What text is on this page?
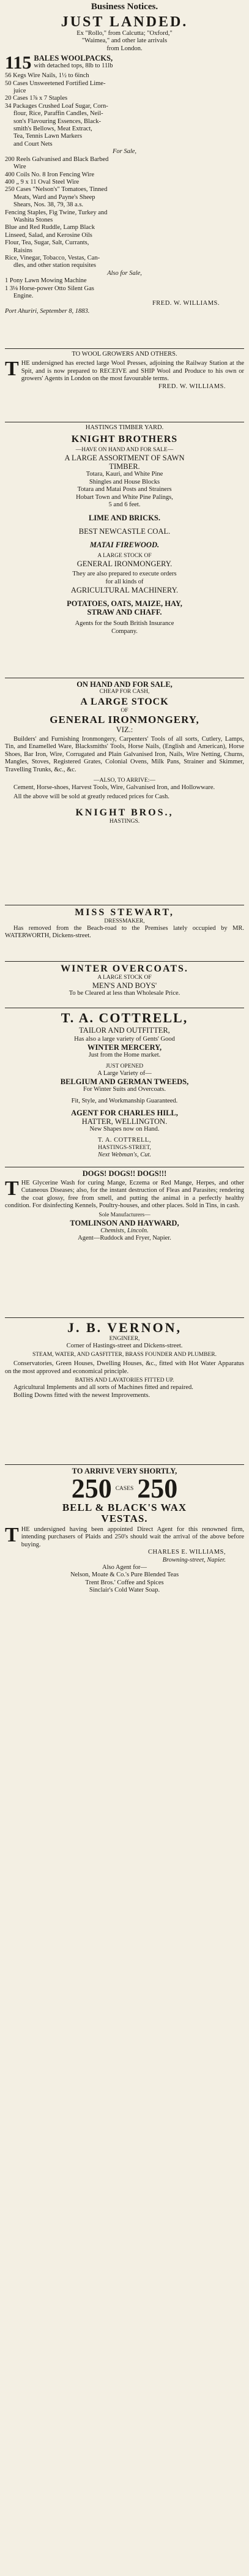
Business Notices.
JUST LANDED.
Ex "Rollo," from Calcutta; "Oxford,"
"Waimea," and other late arrivals
from London.
115 BALES WOOLPACKS,
with detached tops, 8lb to 11lb
56 Kegs Wire Nails, 1½ to 6inch
50 Cases Unsweetened Fortified Lime-
juice
20 Cases 1⅞ x 7 Staples
34 Packages Crushed Loaf Sugar, Corn-
flour, Rice, Paraffin Candles, Neil-
son's Flavouring Essences, Black-
smith's Bellows, Meat Extract,
Tea, Tennis Lawn Markers
and Court Nets
For Sale,
200 Reels Galvanised and Black Barbed
Wire
400 Coils No. 8 Iron Fencing Wire
400 „ 9 x 11 Oval Steel Wire
250 Cases "Nelson's" Tomatoes, Tinned
Meats, Ward and Payne's Sheep
Shears, Nos. 38, 79, 38 a.s.
Fencing Staples, Fig Twine, Turkey and
Washita Stones
Blue and Red Ruddle, Lamp Black
Linseed, Salad, and Kerosine Oils
Flour, Tea, Sugar, Salt, Currants,
Raisins
Rice, Vinegar, Tobacco, Vestas, Can-
dles, and other station requisites
Also for Sale,
1 Pony Lawn Mowing Machine
1 3⅛ Horse-power Otto Silent Gas
Engine.
FRED. W. WILLIAMS.
Port Ahuriri, September 8, 1883.
TO WOOL GROWERS AND OTHERS.
THE undersigned has erected large Wool Presses, adjoining the Railway Station at the Spit, and is now prepared to RECEIVE and SHIP Wool and Produce to his own or growers' Agents in London on the most favourable terms.
FRED. W. WILLIAMS.
HASTINGS TIMBER YARD.
KNIGHT BROTHERS
—HAVE ON HAND AND FOR SALE—
A LARGE ASSORTMENT OF SAWN
TIMBER.
Totara, Kauri, and White Pine
Shingles and House Blocks
Totara and Matai Posts and Strainers
Hobart Town and White Pine Palings,
5 and 6 feet.
LIME AND BRICKS.
BEST NEWCASTLE COAL.
MATAI FIREWOOD.
A LARGE STOCK OF
GENERAL IRONMONGERY.
They are also prepared to execute orders
for all kinds of
AGRICULTURAL MACHINERY.
POTATOES, OATS, MAIZE, HAY,
STRAW AND CHAFF.
Agents for the South British Insurance
Company.
ON HAND AND FOR SALE,
CHEAP FOR CASH,
A LARGE STOCK
OF
GENERAL IRONMONGERY,
VIZ.:
Builders' and Furnishing Ironmongery, Carpenters' Tools of all sorts, Cutlery, Lamps, Tin, and Enamelled Ware, Blacksmiths' Tools, Horse Nails, (English and American), Horse Shoes, Bar Iron, Wire, Corrugated and Plain Galvanised Iron, Nails, Wire Netting, Churns, Mangles, Stoves, Registered Grates, Colonial Ovens, Milk Pans, Strainer and Skimmer, Travelling Trunks, &c., &c.
—ALSO, TO ARRIVE:—
Cement, Horse-shoes, Harvest Tools, Wire, Galvanised Iron, and Hollowware.
All the above will be sold at greatly reduced prices for Cash.
KNIGHT BROS.,
HASTINGS.
MISS STEWART,
DRESSMAKER,
Has removed from the Beach-road to the Premises lately occupied by MR. WATERWORTH, Dickens-street.
WINTER OVERCOATS.
A LARGE STOCK OF
MEN'S AND BOYS'
To be Cleared at less than Wholesale Price.
T. A. COTTRELL,
TAILOR AND OUTFITTER,
Has also a large variety of Gents' Good
WINTER MERCERY,
Just from the Home market.
JUST OPENED
A Large Variety of—
BELGIUM AND GERMAN TWEEDS,
For Winter Suits and Overcoats.
Fit, Style, and Workmanship Guaranteed.
AGENT FOR CHARLES HILL,
HATTER, WELLINGTON.
New Shapes now on Hand.
T. A. COTTRELL,
HASTINGS-STREET,
Next Webman's, Cut.
DOGS! DOGS!! DOGS!!!
THE Glycerine Wash for curing Mange, Eczema or Red Mange, Herpes, and other Cutaneous Diseases; also, for the instant destruction of Fleas and Parasites; rendering the coat glossy, free from smell, and putting the animal in a perfectly healthy condition. For disinfecting Kennels, Poultry-houses, and other places. Sold in Tins, in cash.
Sole Manufacturers—
TOMLINSON AND HAYWARD,
Chemists, Lincoln.
Agent—Ruddock and Fryer, Napier.
J. B. VERNON,
ENGINEER,
Corner of Hastings-street and Dickens-street.
STEAM, WATER, AND GASFITTER, BRASS FOUNDER AND PLUMBER.
Conservatories, Green Houses, Dwelling Houses, &c., fitted with Hot Water Apparatus on the most approved and economical principle.
BATHS AND LAVATORIES FITTED UP.
Agricultural Implements and all sorts of Machines fitted and repaired.
Bolling Downs fitted with the newest Improvements.
TO ARRIVE VERY SHORTLY,
250 CASES 250
BELL & BLACK'S WAX
VESTAS.
THE undersigned having been appointed Direct Agent for this renowned firm, intending purchasers of Plaids and 250's should wait the arrival of the above before buying.
CHARLES E. WILLIAMS,
Browning-street, Napier.
Also Agent for—
Nelson, Moate & Co.'s Pure Blended Teas
Trent Bros.' Coffee and Spices
Sinclair's Cold Water Soap.
